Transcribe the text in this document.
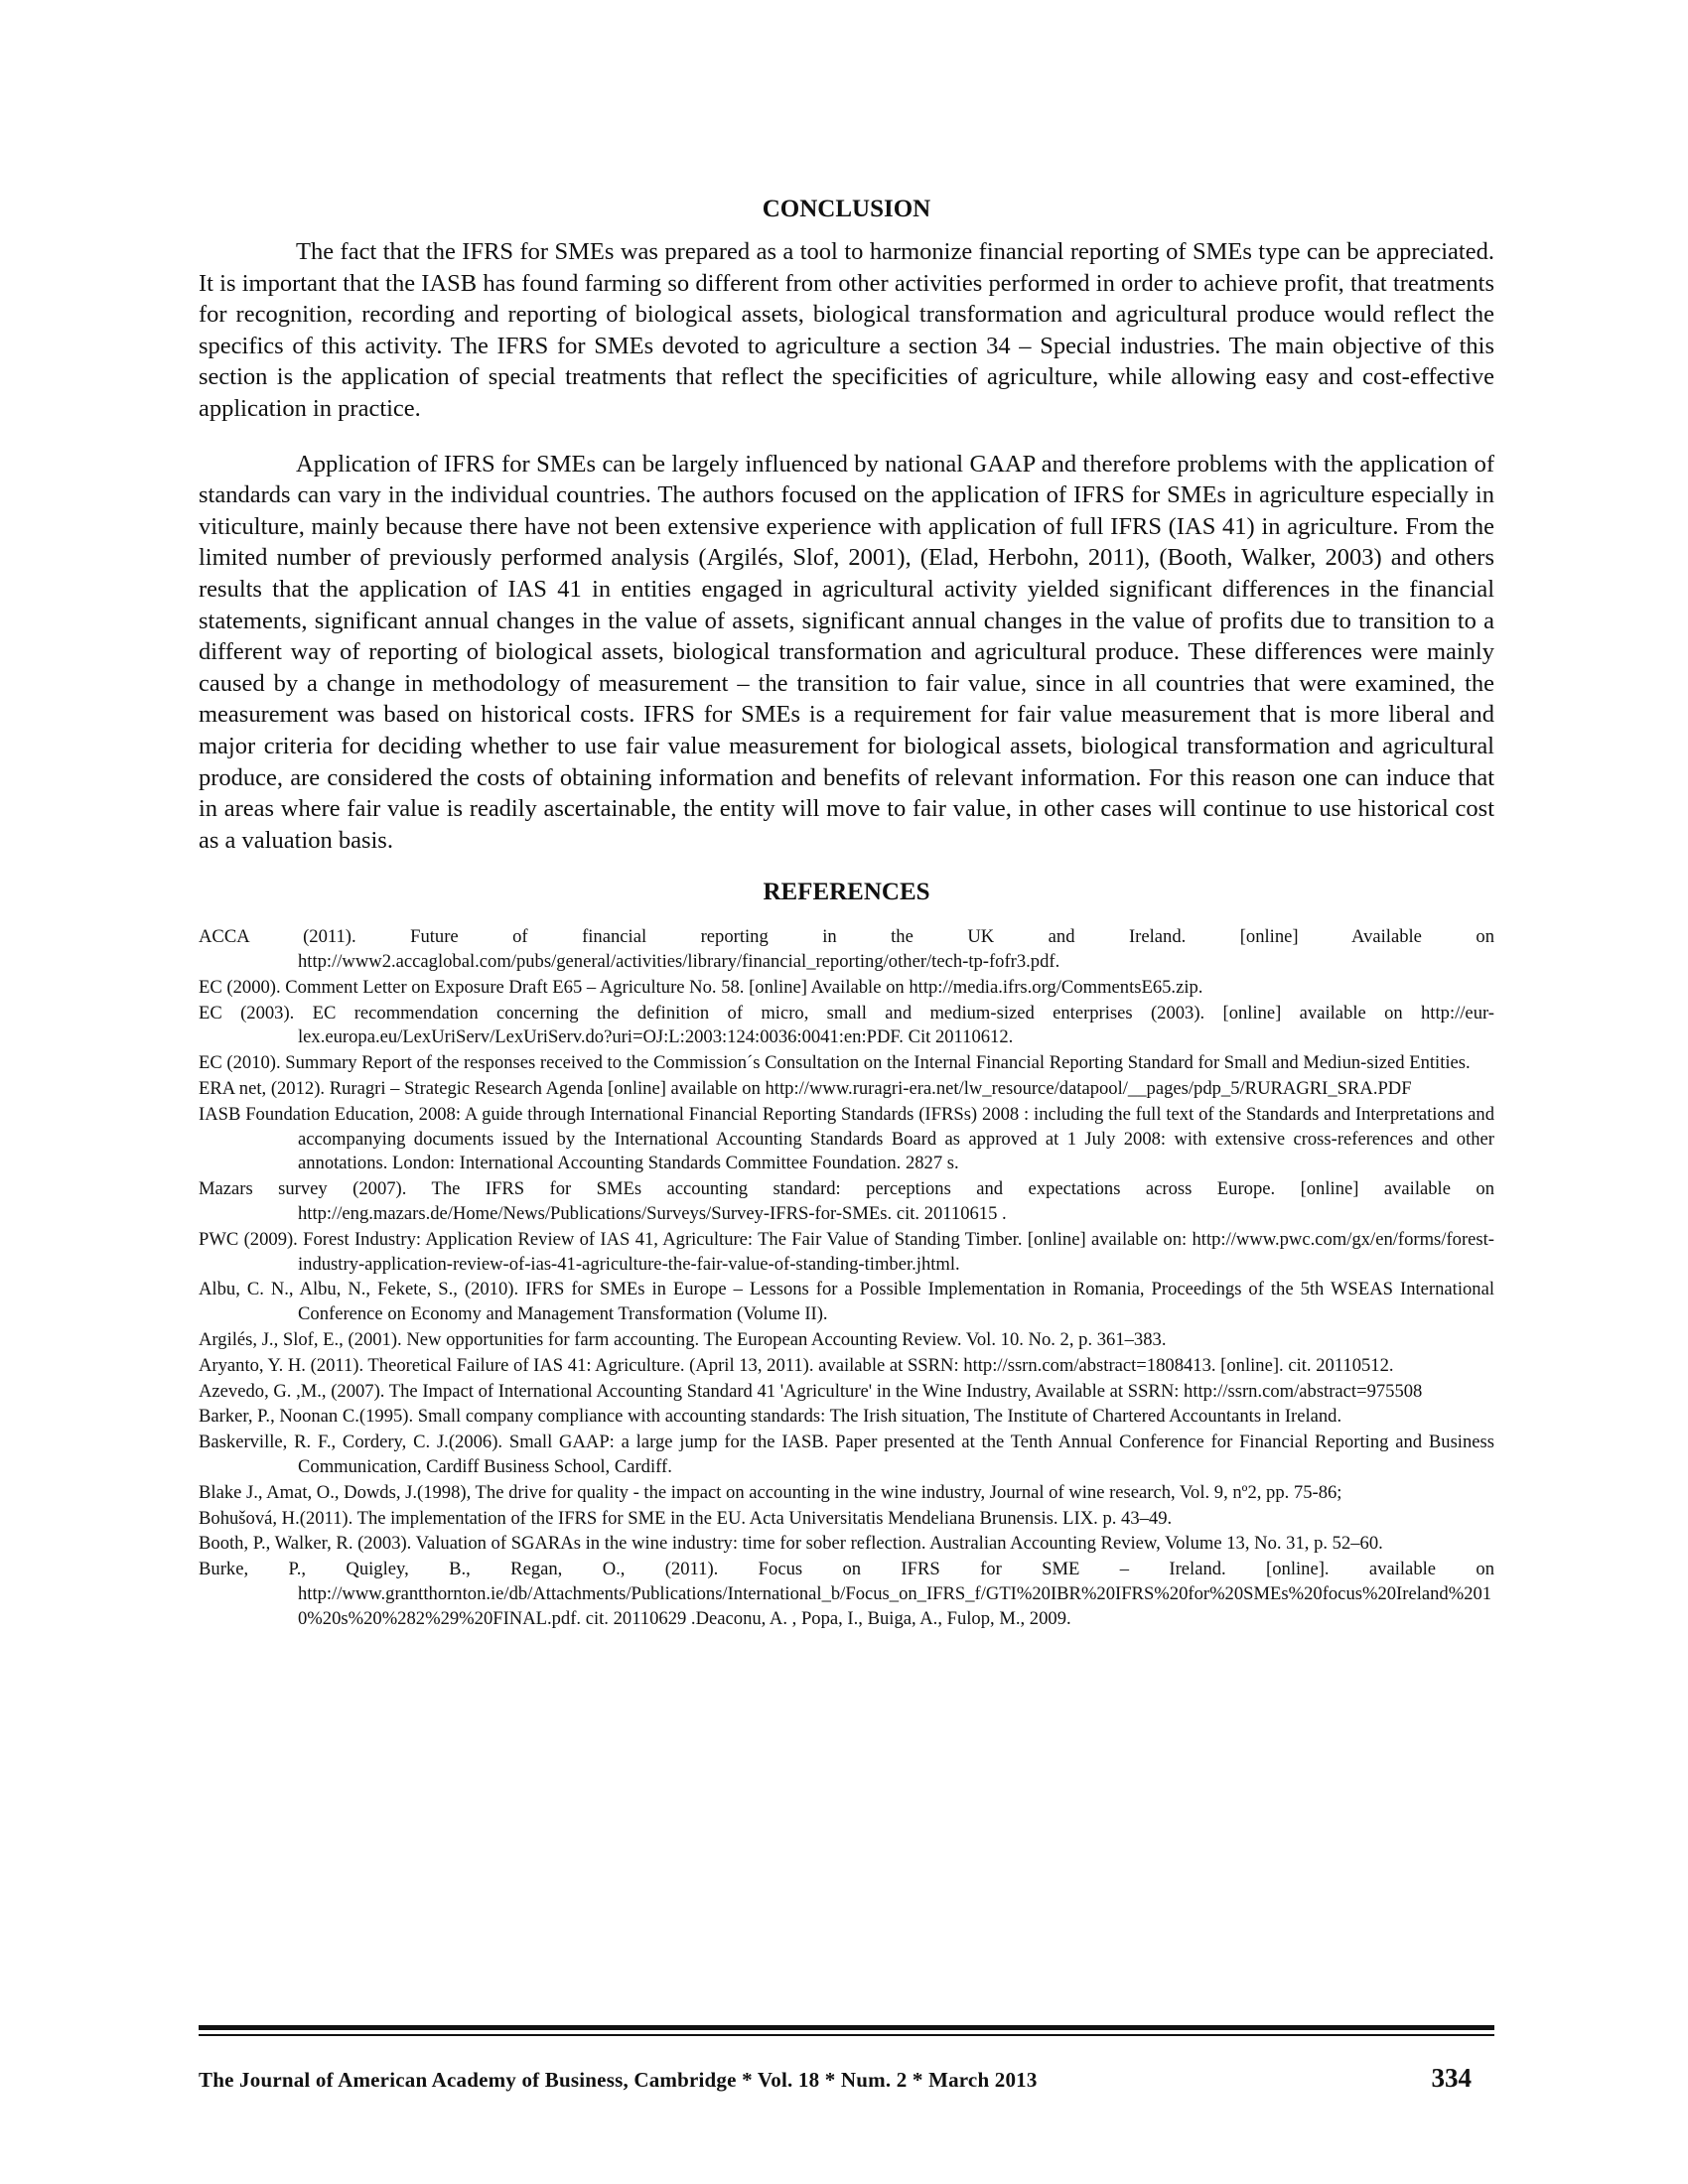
CONCLUSION

The fact that the IFRS for SMEs was prepared as a tool to harmonize financial reporting of SMEs type can be appreciated. It is important that the IASB has found farming so different from other activities performed in order to achieve profit, that treatments for recognition, recording and reporting of biological assets, biological transformation and agricultural produce would reflect the specifics of this activity. The IFRS for SMEs devoted to agriculture a section 34 – Special industries. The main objective of this section is the application of special treatments that reflect the specificities of agriculture, while allowing easy and cost-effective application in practice.

Application of IFRS for SMEs can be largely influenced by national GAAP and therefore problems with the application of standards can vary in the individual countries. The authors focused on the application of IFRS for SMEs in agriculture especially in viticulture, mainly because there have not been extensive experience with application of full IFRS (IAS 41) in agriculture. From the limited number of previously performed analysis (Argilés, Slof, 2001), (Elad, Herbohn, 2011), (Booth, Walker, 2003) and others results that the application of IAS 41 in entities engaged in agricultural activity yielded significant differences in the financial statements, significant annual changes in the value of assets, significant annual changes in the value of profits due to transition to a different way of reporting of biological assets, biological transformation and agricultural produce. These differences were mainly caused by a change in methodology of measurement – the transition to fair value, since in all countries that were examined, the measurement was based on historical costs. IFRS for SMEs is a requirement for fair value measurement that is more liberal and major criteria for deciding whether to use fair value measurement for biological assets, biological transformation and agricultural produce, are considered the costs of obtaining information and benefits of relevant information. For this reason one can induce that in areas where fair value is readily ascertainable, the entity will move to fair value, in other cases will continue to use historical cost as a valuation basis.

REFERENCES
ACCA (2011). Future of financial reporting in the UK and Ireland. [online] Available on http://www2.accaglobal.com/pubs/general/activities/library/financial_reporting/other/tech-tp-fofr3.pdf.
EC (2000). Comment Letter on Exposure Draft E65 – Agriculture No. 58. [online] Available on http://media.ifrs.org/CommentsE65.zip.
EC (2003). EC recommendation concerning the definition of micro, small and medium-sized enterprises (2003). [online] available on http://eur-lex.europa.eu/LexUriServ/LexUriServ.do?uri=OJ:L:2003:124:0036:0041:en:PDF. Cit 20110612.
EC (2010). Summary Report of the responses received to the Commission´s Consultation on the Internal Financial Reporting Standard for Small and Mediun-sized Entities.
ERA net, (2012). Ruragri – Strategic Research Agenda [online] available on http://www.ruragri-era.net/lw_resource/datapool/__pages/pdp_5/RURAGRI_SRA.PDF
IASB Foundation Education, 2008: A guide through International Financial Reporting Standards (IFRSs) 2008 : including the full text of the Standards and Interpretations and accompanying documents issued by the International Accounting Standards Board as approved at 1 July 2008: with extensive cross-references and other annotations. London: International Accounting Standards Committee Foundation. 2827 s.
Mazars survey (2007). The IFRS for SMEs accounting standard: perceptions and expectations across Europe. [online] available on http://eng.mazars.de/Home/News/Publications/Surveys/Survey-IFRS-for-SMEs. cit. 20110615 .
PWC (2009). Forest Industry: Application Review of IAS 41, Agriculture: The Fair Value of Standing Timber. [online] available on: http://www.pwc.com/gx/en/forms/forest-industry-application-review-of-ias-41-agriculture-the-fair-value-of-standing-timber.jhtml.
Albu, C. N., Albu, N., Fekete, S., (2010). IFRS for SMEs in Europe – Lessons for a Possible Implementation in Romania, Proceedings of the 5th WSEAS International Conference on Economy and Management Transformation (Volume II).
Argilés, J., Slof, E., (2001). New opportunities for farm accounting. The European Accounting Review. Vol. 10. No. 2, p. 361–383.
Aryanto, Y. H. (2011). Theoretical Failure of IAS 41: Agriculture. (April 13, 2011). available at SSRN: http://ssrn.com/abstract=1808413. [online]. cit. 20110512.
Azevedo, G. ,M., (2007). The Impact of International Accounting Standard 41 'Agriculture' in the Wine Industry, Available at SSRN: http://ssrn.com/abstract=975508
Barker, P., Noonan C.(1995). Small company compliance with accounting standards: The Irish situation, The Institute of Chartered Accountants in Ireland.
Baskerville, R. F., Cordery, C. J.(2006). Small GAAP: a large jump for the IASB. Paper presented at the Tenth Annual Conference for Financial Reporting and Business Communication, Cardiff Business School, Cardiff.
Blake J., Amat, O., Dowds, J.(1998), The drive for quality - the impact on accounting in the wine industry, Journal of wine research, Vol. 9, nº2, pp. 75-86;
Bohušová, H.(2011). The implementation of the IFRS for SME in the EU. Acta Universitatis Mendeliana Brunensis. LIX. p. 43–49.
Booth, P., Walker, R. (2003). Valuation of SGARAs in the wine industry: time for sober reflection. Australian Accounting Review, Volume 13, No. 31, p. 52–60.
Burke, P., Quigley, B., Regan, O., (2011). Focus on IFRS for SME – Ireland. [online]. available on http://www.grantthornton.ie/db/Attachments/Publications/International_b/Focus_on_IFRS_f/GTI%20IBR%20IFRS%20for%20SMEs%20focus%20Ireland%2010%20s%20%282%29%20FINAL.pdf. cit. 20110629 .Deaconu, A. , Popa, I., Buiga, A., Fulop, M., 2009.
The Journal of American Academy of Business, Cambridge * Vol. 18 * Num. 2 * March 2013	334
